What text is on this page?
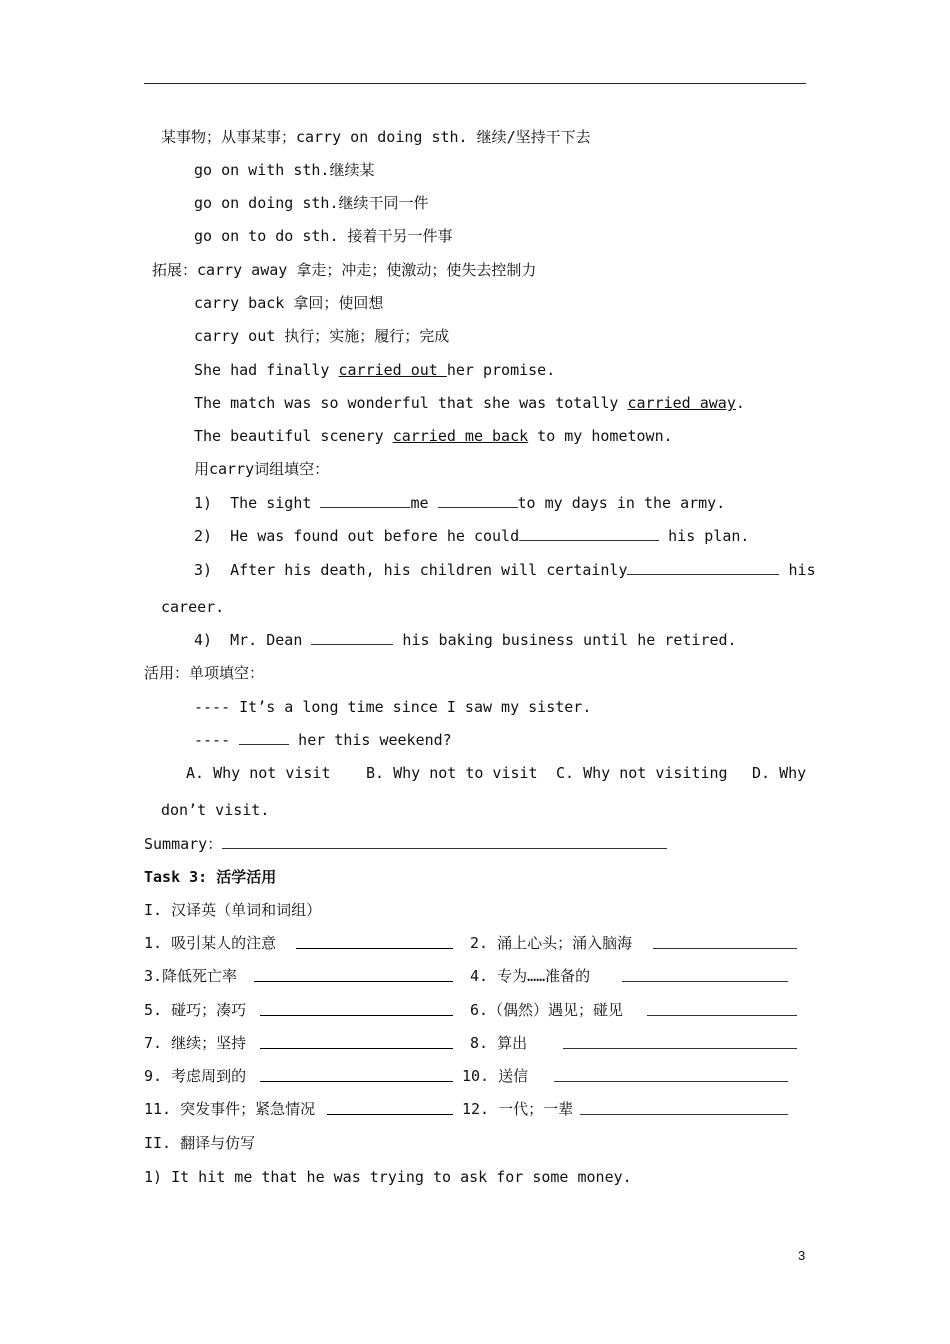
某事物；从事某事；carry on doing sth. 继续/坚持干下去
go on with sth.继续某
go on doing sth.继续干同一件
go on to do sth. 接着干另一件事
拓展：carry away 拿走；冲走；使激动；使失去控制力
carry back 拿回；使回想
carry out 执行；实施；履行；完成
She had finally carried out her promise.
The match was so wonderful that she was totally carried away.
The beautiful scenery carried me back to my hometown.
用carry词组填空：
1)  The sight	me	to my days in the army.
2)  He was found out before he could	his plan.
3)  After his death, his children will certainly	his
career.
4)  Mr. Dean	his baking business until he retired.
活用：单项填空：
---- It’s a long time since I saw my sister.
----	her this weekend?
A. Why not visit B. Why not to visit C. Why not visiting D. Why
don’t visit.
Summary：
Task 3: 活学活用
I. 汉译英（单词和词组）
1. 吸引某人的注意	2. 涌上心头；涌入脑海
3.降低死亡率	4. 专为……准备的
5. 碰巧；凑巧	6.（偶然）遇见；碰见
7. 继续；坚持	8. 算出
9. 考虑周到的	10. 送信
11. 突发事件；紧急情况	12. 一代；一辈
II. 翻译与仿写
1) It hit me that he was trying to ask for some money.
3
